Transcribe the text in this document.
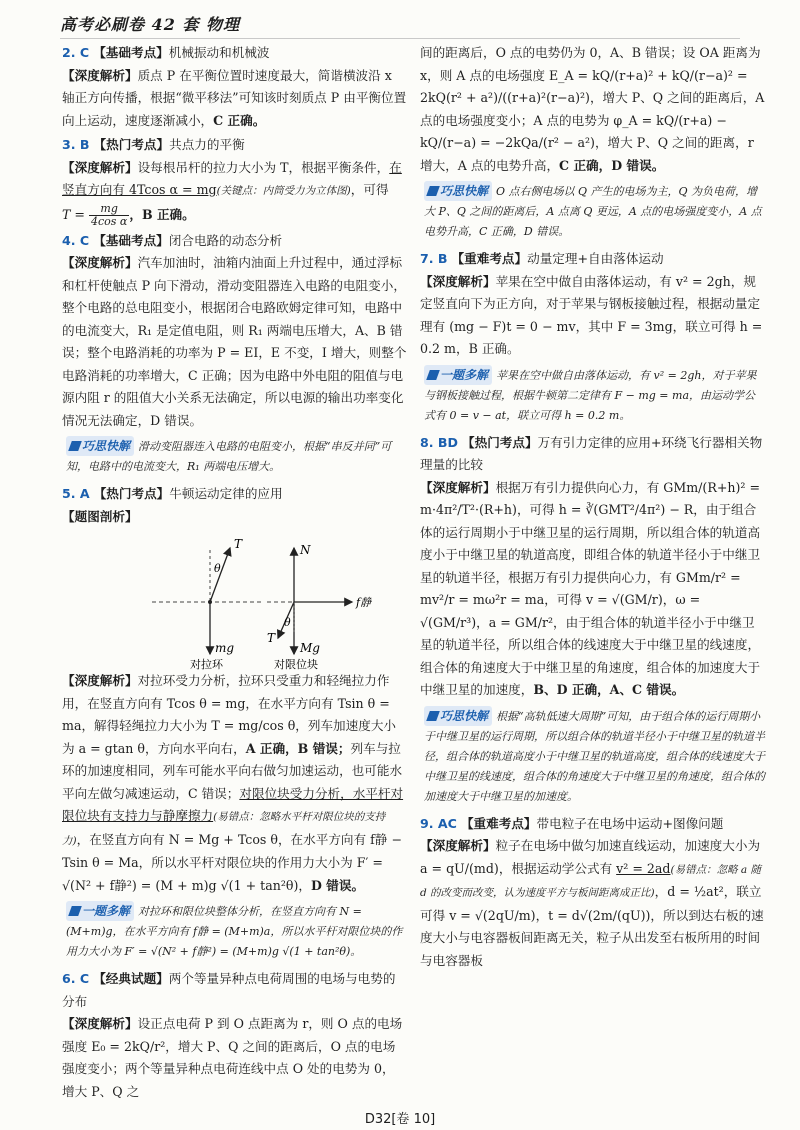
高考必刷卷 42 套 物理
2. C 【基础考点】机械振动和机械波
【深度解析】质点 P 在平衡位置时速度最大，简谐横波沿 x 轴正方向传播，根据“微平移法”可知该时刻质点 P 由平衡位置向上运动，速度逐渐减小，C 正确。
3. B 【热门考点】共点力的平衡
【深度解析】设每根吊杆的拉力大小为 T，根据平衡条件，在竖直方向有 4Tcos α = mg(关键点：内筒受力为立体图)，可得
$T = \frac{mg}{\text{4cos α}}$ ，B 正确。
4. C 【基础考点】闭合电路的动态分析
【深度解析】汽车加油时，油箱内油面上升过程中，通过浮标和杠杆使触点 P 向下滑动，滑动变阻器连入电路的电阻变小，整个电路的总电阻变小，根据闭合电路欧姆定律可知，电路中的电流变大，R₁ 是定值电阻，则 R₁ 两端电压增大，A、B 错误；整个电路消耗的功率为 P = EI，E 不变，I 增大，则整个电路消耗的功率增大，C 正确；因为电路中外电阻的阻值与电源内阻 r 的阻值大小关系无法确定，所以电源的输出功率变化情况无法确定，D 错误。
巧思快解 滑动变阻器连入电路的电阻变小，根据“串反并同”可知，电路中的电流变大，R₁ 两端电压增大。
5. A 【热门考点】牛顿运动定律的应用
【题图剖析】
T
θ
mg
对拉环
N
f静
θ
T
Mg
对限位块
【深度解析】对拉环受力分析，拉环只受重力和轻绳拉力作用，在竖直方向有 Tcos θ = mg，在水平方向有 Tsin θ = ma，解得轻绳拉力大小为 T = mg/cos θ，列车加速度大小为 a = gtan θ，方向水平向右，A 正确，B 错误；列车与拉环的加速度相同，列车可能水平向右做匀加速运动，也可能水平向左做匀减速运动，C 错误；对限位块受力分析，水平杆对限位块有支持力与静摩擦力(易错点：忽略水平杆对限位块的支持力)，在竖直方向有 N = Mg + Tcos θ，在水平方向有 f静 − Tsin θ = Ma，所以水平杆对限位块的作用力大小为 F′ = √(N² + f静²) = (M + m)g √(1 + tan²θ)，D 错误。
一题多解 对拉环和限位块整体分析，在竖直方向有 N = (M+m)g，在水平方向有 f静 = (M+m)a，所以水平杆对限位块的作用力大小为 F′ = √(N² + f静²) = (M+m)g √(1 + tan²θ)。
6. C 【经典试题】两个等量异种点电荷周围的电场与电势的分布
【深度解析】设正点电荷 P 到 O 点距离为 r，则 O 点的电场强度 E₀ = 2kQ/r²，增大 P、Q 之间的距离后，O 点的电场强度变小；两个等量异种点电荷连线中点 O 处的电势为 0，增大 P、Q 之
间的距离后，O 点的电势仍为 0，A、B 错误；设 OA 距离为 x，则 A 点的电场强度 E_A = kQ/(r+a)² + kQ/(r−a)² = 2kQ(r² + a²)/((r+a)²(r−a)²)，增大 P、Q 之间的距离后，A 点的电场强度变小；A 点的电势为 φ_A = kQ/(r+a) − kQ/(r−a) = −2kQa/(r² − a²)，增大 P、Q 之间的距离，r 增大，A 点的电势升高，C 正确，D 错误。
巧思快解 O 点右侧电场以 Q 产生的电场为主，Q 为负电荷，增大 P、Q 之间的距离后，A 点离 Q 更远，A 点的电场强度变小，A 点电势升高，C 正确，D 错误。
7. B 【重难考点】动量定理+自由落体运动
【深度解析】苹果在空中做自由落体运动，有 v² = 2gh，规定竖直向下为正方向，对于苹果与钢板接触过程，根据动量定理有 (mg − F)t = 0 − mv，其中 F = 3mg，联立可得 h = 0.2 m，B 正确。
一题多解 苹果在空中做自由落体运动，有 v² = 2gh，对于苹果与钢板接触过程，根据牛顿第二定律有 F − mg = ma，由运动学公式有 0 = v − at，联立可得 h = 0.2 m。
8. BD 【热门考点】万有引力定律的应用+环绕飞行器相关物理量的比较
【深度解析】根据万有引力提供向心力，有 GMm/(R+h)² = m·4π²/T²·(R+h)，可得 h = ∛(GMT²/4π²) − R，由于组合体的运行周期小于中继卫星的运行周期，所以组合体的轨道高度小于中继卫星的轨道高度，即组合体的轨道半径小于中继卫星的轨道半径，根据万有引力提供向心力，有 GMm/r² = mv²/r = mω²r = ma，可得 v = √(GM/r)，ω = √(GM/r³)，a = GM/r²，由于组合体的轨道半径小于中继卫星的轨道半径，所以组合体的线速度大于中继卫星的线速度，组合体的角速度大于中继卫星的角速度，组合体的加速度大于中继卫星的加速度，B、D 正确，A、C 错误。
巧思快解 根据“高轨低速大周期”可知，由于组合体的运行周期小于中继卫星的运行周期，所以组合体的轨道半径小于中继卫星的轨道半径，组合体的轨道高度小于中继卫星的轨道高度，组合体的线速度大于中继卫星的线速度，组合体的角速度大于中继卫星的角速度，组合体的加速度大于中继卫星的加速度。
9. AC 【重难考点】带电粒子在电场中运动+图像问题
【深度解析】粒子在电场中做匀加速直线运动，加速度大小为 a = qU/(md)，根据运动学公式有 v² = 2ad(易错点：忽略 a 随 d 的改变而改变，认为速度平方与板间距离成正比)，d = ½at²，联立可得 v = √(2qU/m)，t = d√(2m/(qU))，所以到达右板的速度大小与电容器板间距离无关，粒子从出发至右板所用的时间与电容器板
D32[卷 10]
